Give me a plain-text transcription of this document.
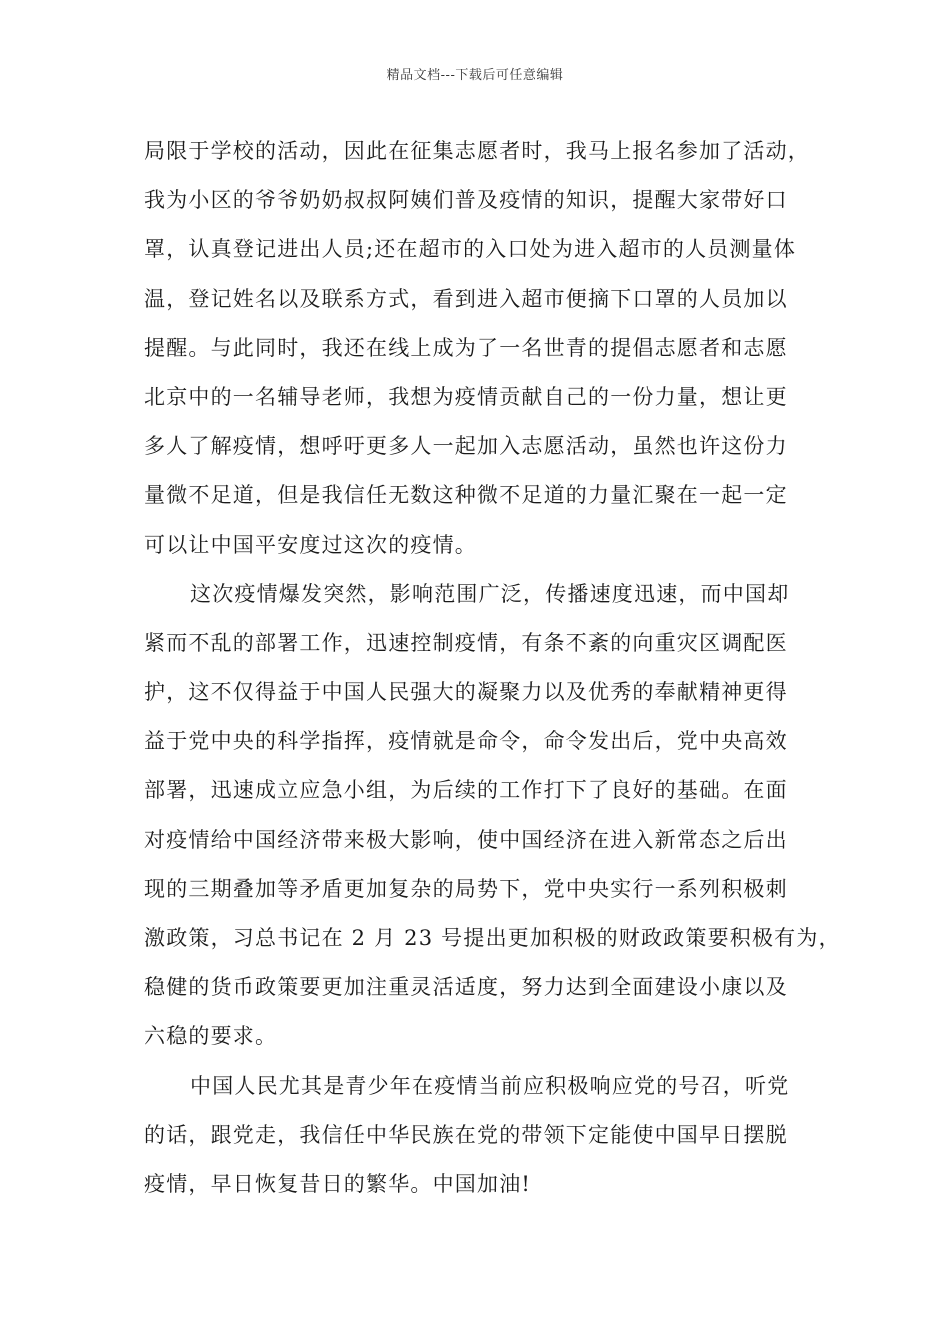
精品文档---下载后可任意编辑
局限于学校的活动，因此在征集志愿者时，我马上报名参加了活动，
我为小区的爷爷奶奶叔叔阿姨们普及疫情的知识，提醒大家带好口
罩，认真登记进出人员;还在超市的入口处为进入超市的人员测量体
温，登记姓名以及联系方式，看到进入超市便摘下口罩的人员加以
提醒。与此同时，我还在线上成为了一名世青的提倡志愿者和志愿
北京中的一名辅导老师，我想为疫情贡献自己的一份力量，想让更
多人了解疫情，想呼吁更多人一起加入志愿活动，虽然也许这份力
量微不足道，但是我信任无数这种微不足道的力量汇聚在一起一定
可以让中国平安度过这次的疫情。
这次疫情爆发突然，影响范围广泛，传播速度迅速，而中国却
紧而不乱的部署工作，迅速控制疫情，有条不紊的向重灾区调配医
护，这不仅得益于中国人民强大的凝聚力以及优秀的奉献精神更得
益于党中央的科学指挥，疫情就是命令，命令发出后，党中央高效
部署，迅速成立应急小组，为后续的工作打下了良好的基础。在面
对疫情给中国经济带来极大影响，使中国经济在进入新常态之后出
现的三期叠加等矛盾更加复杂的局势下，党中央实行一系列积极刺
激政策，习总书记在 2 月 23 号提出更加积极的财政政策要积极有为，
稳健的货币政策要更加注重灵活适度，努力达到全面建设小康以及
六稳的要求。
中国人民尤其是青少年在疫情当前应积极响应党的号召，听党
的话，跟党走，我信任中华民族在党的带领下定能使中国早日摆脱
疫情，早日恢复昔日的繁华。中国加油!
